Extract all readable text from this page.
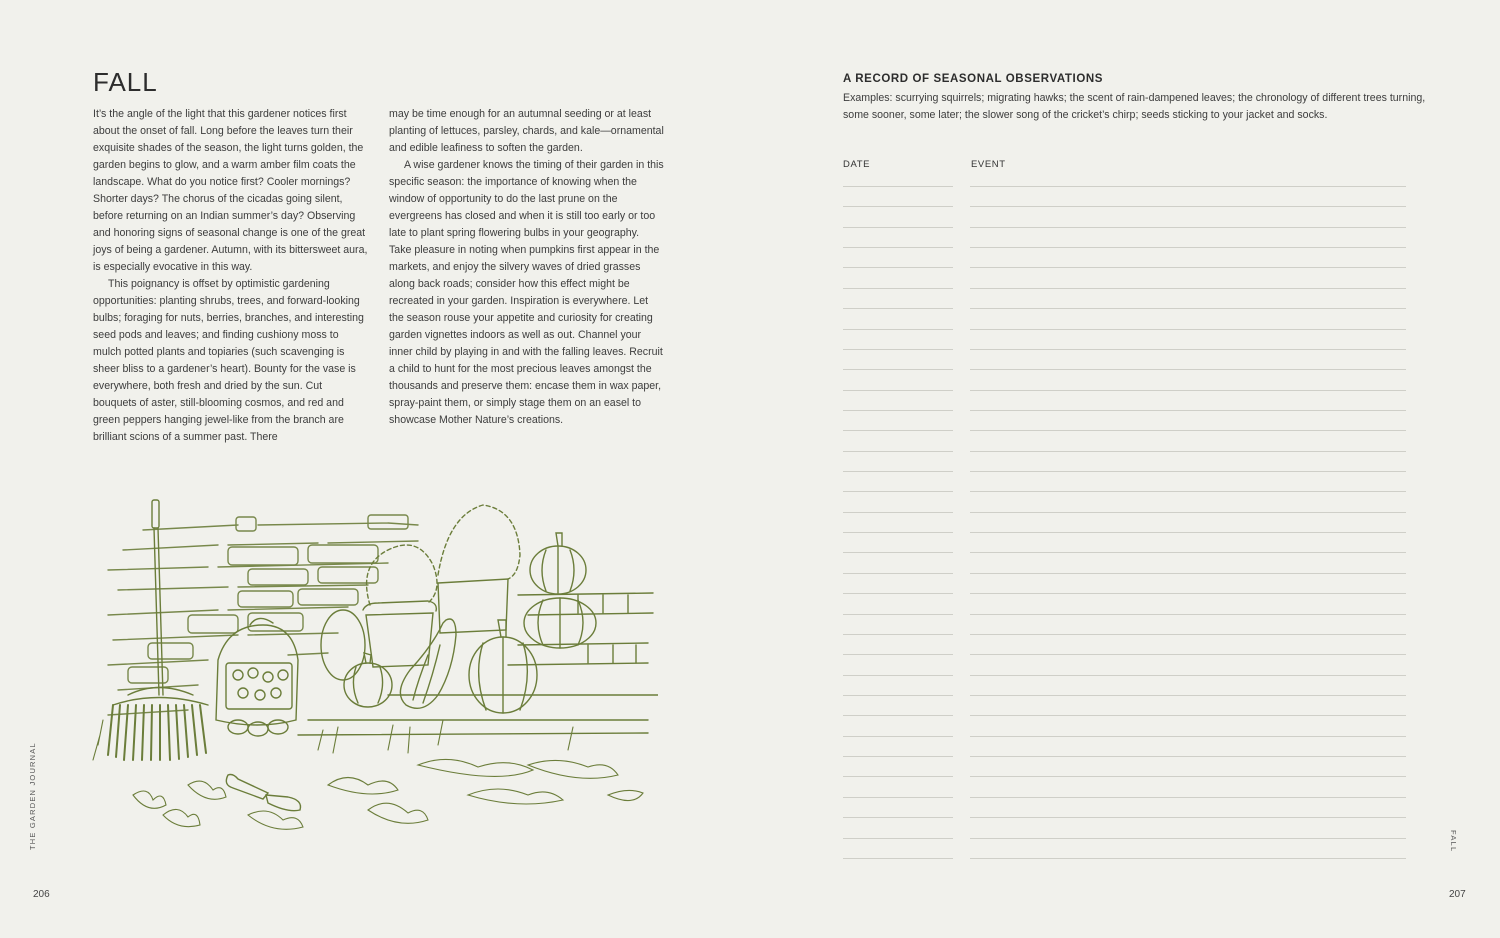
FALL

It’s the angle of the light that this gardener notices first about the onset of fall. Long before the leaves turn their exquisite shades of the season, the light turns golden, the garden begins to glow, and a warm amber film coats the landscape. What do you notice first? Cooler mornings? Shorter days? The chorus of the cicadas going silent, before returning on an Indian summer’s day? Observing and honoring signs of seasonal change is one of the great joys of being a gardener. Autumn, with its bittersweet aura, is especially evocative in this way.

This poignancy is offset by optimistic gardening opportunities: planting shrubs, trees, and forward-looking bulbs; foraging for nuts, berries, branches, and interesting seed pods and leaves; and finding cushiony moss to mulch potted plants and topiaries (such scavenging is sheer bliss to a gardener’s heart). Bounty for the vase is everywhere, both fresh and dried by the sun. Cut bouquets of aster, still-blooming cosmos, and red and green peppers hanging jewel-like from the branch are brilliant scions of a summer past. There

may be time enough for an autumnal seeding or at least planting of lettuces, parsley, chards, and kale—ornamental and edible leafiness to soften the garden.

A wise gardener knows the timing of their garden in this specific season: the importance of knowing when the window of opportunity to do the last prune on the evergreens has closed and when it is still too early or too late to plant spring flowering bulbs in your geography. Take pleasure in noting when pumpkins first appear in the markets, and enjoy the silvery waves of dried grasses along back roads; consider how this effect might be recreated in your garden. Inspiration is everywhere. Let the season rouse your appetite and curiosity for creating garden vignettes indoors as well as out. Channel your inner child by playing in and with the falling leaves. Recruit a child to hunt for the most precious leaves amongst the thousands and preserve them: encase them in wax paper, spray-paint them, or simply stage them on an easel to showcase Mother Nature’s creations.

THE GARDEN JOURNAL
206
A RECORD OF SEASONAL OBSERVATIONS

Examples: scurrying squirrels; migrating hawks; the scent of rain-dampened leaves; the chronology of different trees turning, some sooner, some later; the slower song of the cricket’s chirp; seeds sticking to your jacket and socks.

DATE	EVENT
FALL
207
